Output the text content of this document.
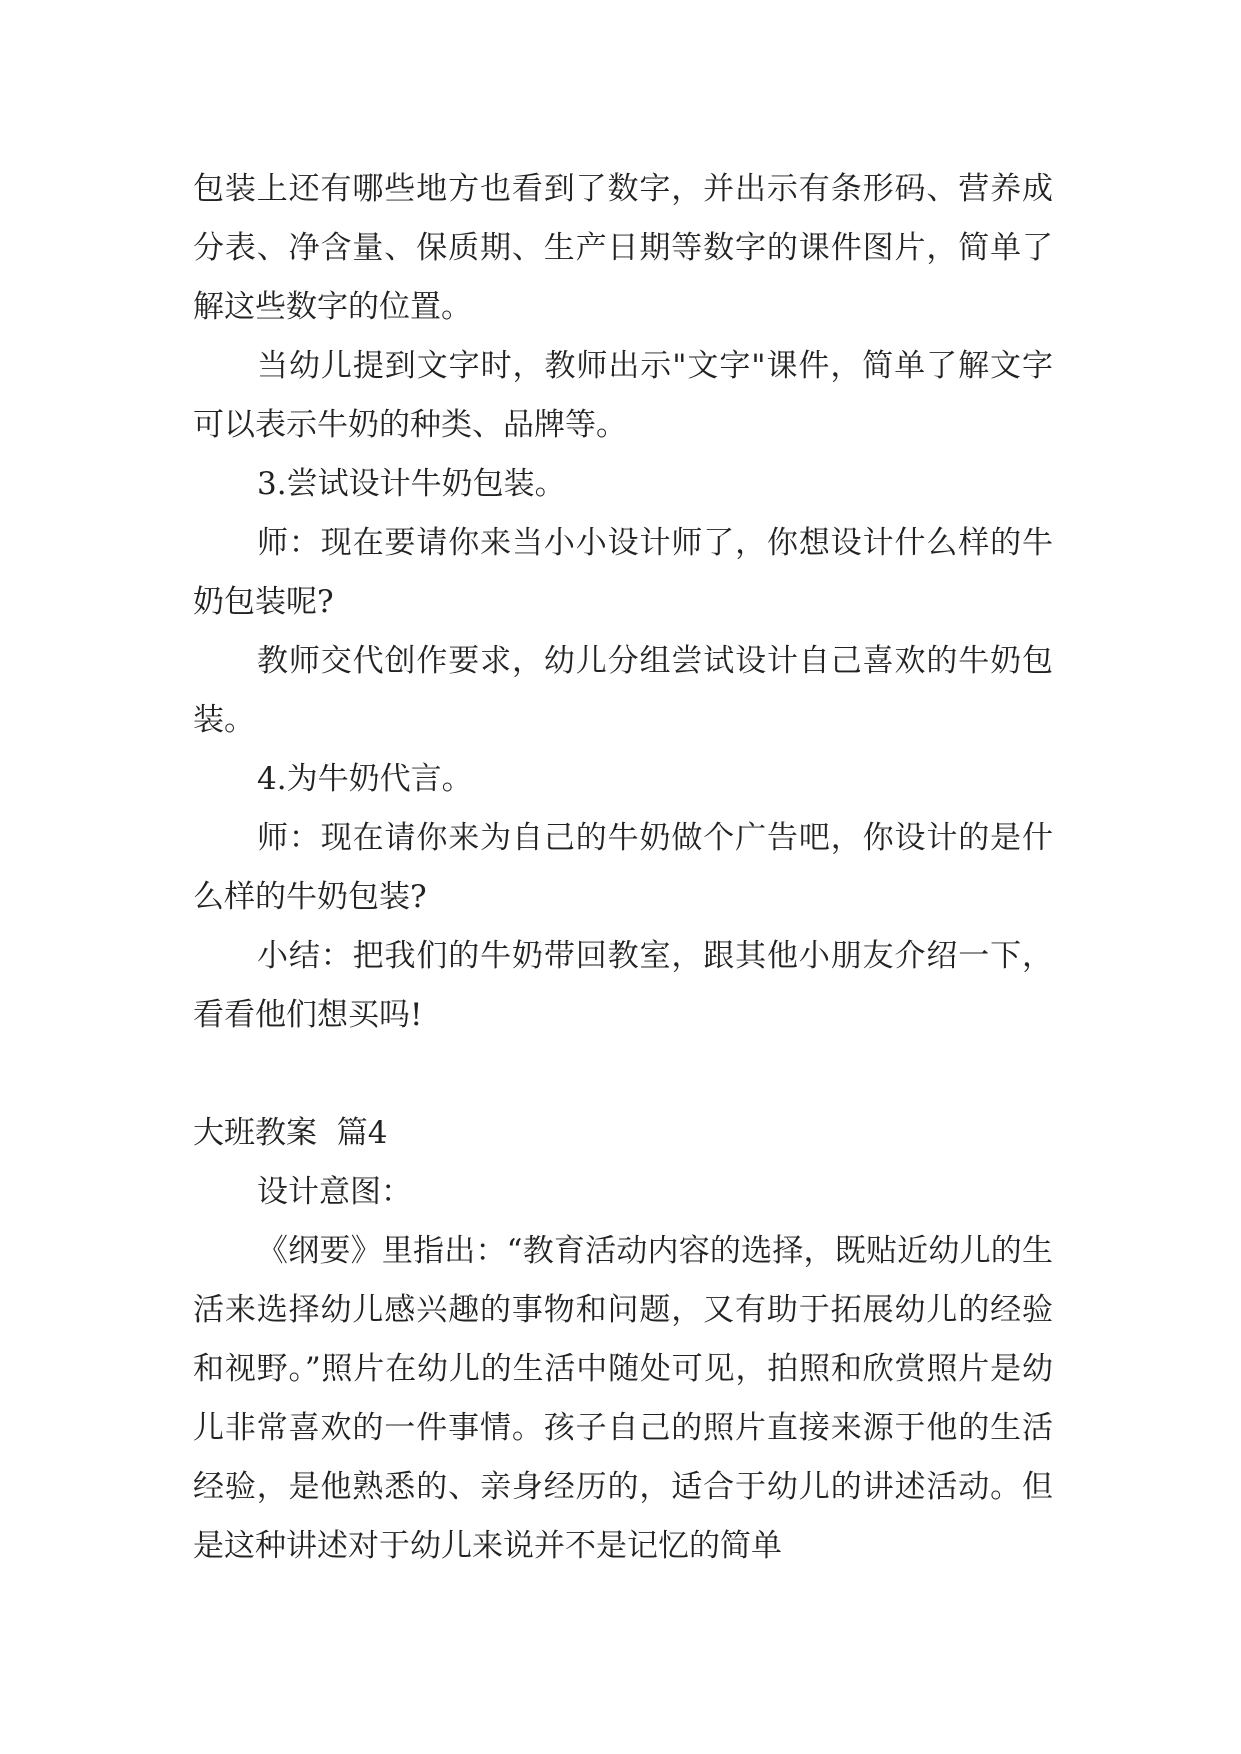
包装上还有哪些地方也看到了数字，并出示有条形码、营养成分表、净含量、保质期、生产日期等数字的课件图片，简单了解这些数字的位置。

当幼儿提到文字时，教师出示"文字"课件，简单了解文字可以表示牛奶的种类、品牌等。

3.尝试设计牛奶包装。

师：现在要请你来当小小设计师了，你想设计什么样的牛奶包装呢?

教师交代创作要求，幼儿分组尝试设计自己喜欢的牛奶包装。

4.为牛奶代言。

师：现在请你来为自己的牛奶做个广告吧，你设计的是什么样的牛奶包装?

小结：把我们的牛奶带回教室，跟其他小朋友介绍一下，看看他们想买吗!

大班教案  篇4

设计意图：

《纲要》里指出：“教育活动内容的选择，既贴近幼儿的生活来选择幼儿感兴趣的事物和问题，又有助于拓展幼儿的经验和视野。”照片在幼儿的生活中随处可见，拍照和欣赏照片是幼儿非常喜欢的一件事情。孩子自己的照片直接来源于他的生活经验，是他熟悉的、亲身经历的，适合于幼儿的讲述活动。但是这种讲述对于幼儿来说并不是记忆的简单
